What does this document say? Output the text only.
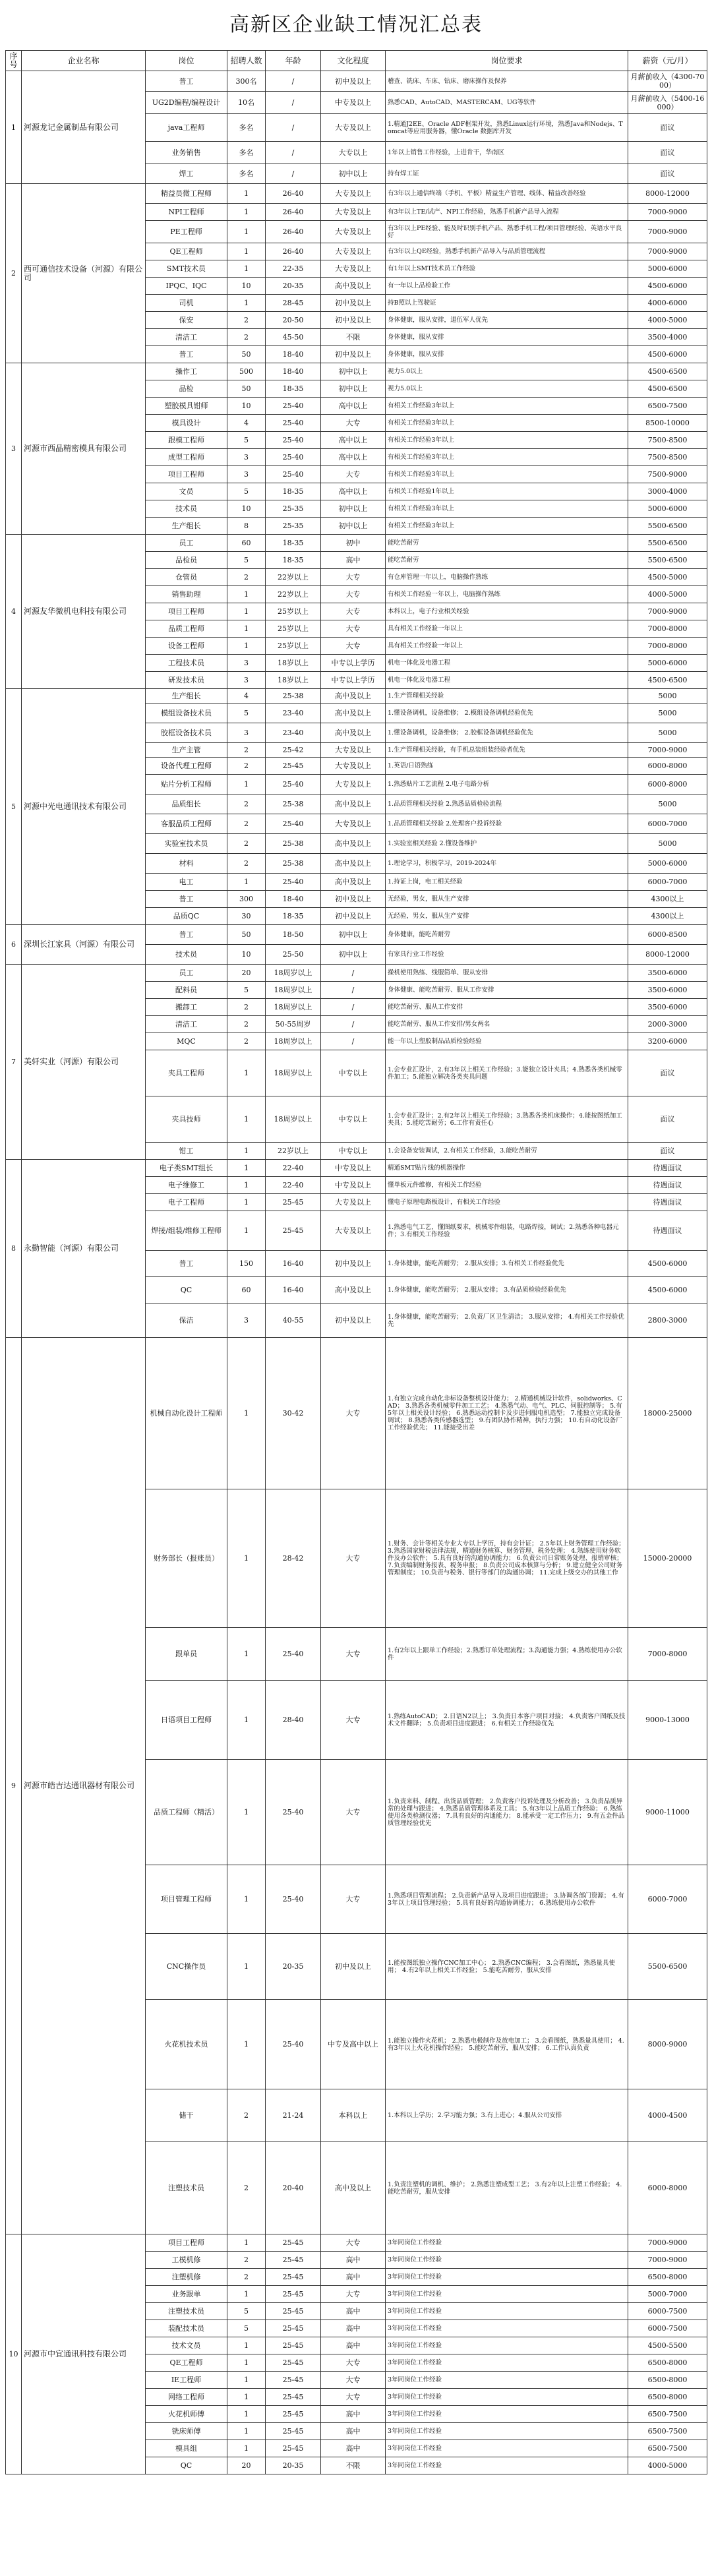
高新区企业缺工情况汇总表
序号	企业名称	岗位	招聘人数	年龄	文化程度	岗位要求	薪资（元/月）
1	河源龙记金属制品有限公司	普工	300名	/	初中及以上	稽查、铣床、车床、钻床、磨床操作及保养	月薪前收入（4300-7000）
		UG2D编程/编程设计	10名	/	中专及以上	熟悉CAD、AutoCAD、MASTERCAM、UG等软件	月薪前收入（5400-16000）
		java工程师	多名	/	大专及以上	1.精通J2EE、Oracle ADF框架开发，熟悉Linux运行环境，熟悉Java和Nodejs、Tomcat等应用服务器，懂Oracle 数据库开发	面议
		业务销售	多名	/	大专以上	1年以上销售工作经验，上进肯干，华南区	面议
		焊工	多名	/	初中以上	持有焊工证	面议
2	西可通信技术设备（河源）有限公司	精益员微工程师	1	26-40	大专及以上	有3年以上通信终端（手机、平板）精益生产管理、线体、精益改善经验	8000-12000
		NPI工程师	1	26-40	大专及以上	有3年以上TE/试产、NPI工作经验，熟悉手机新产品导入流程	7000-9000
		PE工程师	1	26-40	大专及以上	有3年以上PE经验、能及时识别手机产品、熟悉手机工程/项目管理经验、英语水平良好	7000-9000
		QE工程师	1	26-40	大专及以上	有3年以上QE经验，熟悉手机新产品导入与品质管理流程	7000-9000
		SMT技术员	1	22-35	大专及以上	有1年以上SMT技术员工作经验	5000-6000
		IPQC、IQC	10	20-35	高中及以上	有一年以上品检验工作	4500-6000
		司机	1	28-45	初中及以上	持B照以上驾驶证	4000-6000
		保安	2	20-50	初中及以上	身体健康，服从安排，退伍军人优先	4000-5000
		清洁工	2	45-50	不限	身体健康，服从安排	3500-4000
		普工	50	18-40	初中及以上	身体健康，服从安排	4500-6000
3	河源市西晶精密模具有限公司	操作工	500	18-40	初中以上	视力5.0以上	4500-6500
		品检	50	18-35	初中以上	视力5.0以上	4500-6500
		塑胶模具钳师	10	25-40	高中以上	有相关工作经验3年以上	6500-7500
		模具设计	4	25-40	大专	有相关工作经验3年以上	8500-10000
		跟模工程师	5	25-40	高中以上	有相关工作经验3年以上	7500-8500
		成型工程师	3	25-40	高中以上	有相关工作经验3年以上	7500-8500
		项目工程师	3	25-40	大专	有相关工作经验3年以上	7500-9000
		文员	5	18-35	高中以上	有相关工作经验1年以上	3000-4000
		技术员	10	25-35	初中以上	有相关工作经验3年以上	5000-6000
		生产组长	8	25-35	初中以上	有相关工作经验3年以上	5500-6500
4	河源友华微机电科技有限公司	员工	60	18-35	初中	能吃苦耐劳	5500-6500
		品检员	5	18-35	高中	能吃苦耐劳	5500-6500
		仓管员	2	22岁以上	大专	有仓库管理一年以上，电脑操作熟练	4500-5000
		销售助理	1	22岁以上	大专	有相关工作经验一年以上，电脑操作熟练	4000-5000
		项目工程师	1	25岁以上	大专	本科以上，电子行业相关经验	7000-9000
		品质工程师	1	25岁以上	大专	具有相关工作经验一年以上	7000-8000
		设备工程师	1	25岁以上	大专	具有相关工作经验一年以上	7000-8000
		工程技术员	3	18岁以上	中专以上学历	机电一体化及电器工程	5000-6000
		研发技术员	3	18岁以上	中专以上学历	机电一体化及电器工程	4500-6500
5	河源中光电通讯技术有限公司	生产组长	4	25-38	高中及以上	1.生产管理相关经验	5000
		模组设备技术员	5	23-40	高中及以上	1.懂设备调机，设备维修； 2.模组设备调机经验优先	5000
		胶框设备技术员	3	23-40	高中及以上	1.懂设备调机，设备维修； 2.胶框设备调机经验优先	5000
		生产主管	2	25-42	大专及以上	1.生产管理相关经验，有手机总装组装经验者优先	7000-9000
		设备代理工程师	2	25-45	大专及以上	1.英语/日语熟练	6000-8000
		贴片分析工程师	1	25-40	大专及以上	1.熟悉贴片工艺流程 2.电子电路分析	6000-8000
		品质组长	2	25-38	高中及以上	1.品质管理相关经验 2.熟悉品质检验流程	5000
		客服品质工程师	2	25-40	大专及以上	1.品质管理相关经验 2.处理客户投诉经验	6000-7000
		实验室技术员	2	25-38	高中及以上	1.实验室相关经验 2.懂设备维护	5000
		材料	2	25-38	高中及以上	1.理论学习，积极学习，2019-2024年	5000-6000
		电工	1	25-40	高中及以上	1.持证上岗，电工相关经验	6000-7000
		普工	300	18-40	初中及以上	无经验，男女，服从生产安排	4300以上
		品质QC	30	18-35	初中及以上	无经验，男女，服从生产安排	4300以上
6	深圳长江家具（河源）有限公司	普工	50	18-50	初中以上	身体健康，能吃苦耐劳	6000-8500
		技术员	10	25-50	初中以上	有家具行业工作经验	8000-12000
7	美轩实业（河源）有限公司	员工	20	18周岁以上	/	操机使用熟练、线服简单、服从安排	3500-6000
		配料员	5	18周岁以上	/	身体健康、能吃苦耐劳、服从工作安排	3500-6000
		搬卸工	2	18周岁以上	/	能吃苦耐劳、服从工作安排	3500-6000
		清洁工	2	50-55周岁	/	能吃苦耐劳、服从工作安排/男女两名	2000-3000
		MQC	2	18周岁以上	/	能一年以上塑胶制品品质检验经验	3200-6000
		夹具工程师	1	18周岁以上	中专以上	1.会专业汇设计，2.有3年以上相关工作经验；3.能独立设计夹具；4.熟悉各类机械零件加工；5.能独立解决各类夹具问题	面议
		夹具技师	1	18周岁以上	中专以上	1.会专业汇设计；2.有2年以上相关工作经验；3.熟悉各类机床操作；4.能按图纸加工夹具；5.能吃苦耐劳；6.工作有责任心	面议
		钳工	1	22岁以上	中专以上	1.会设备安装调试，2.有相关工作经验，3.能吃苦耐劳	面议
8	永勤智能（河源）有限公司	电子类SMT组长	1	22-40	中专及以上	精通SMT贴片线的机器操作	待遇面议
		电子维修工	1	22-40	中专及以上	懂单板元件维修，有相关工作经验	待遇面议
		电子工程师	1	25-45	大专及以上	懂电子原理电路板设计，有相关工作经验	待遇面议
		焊接/组装/维修工程师	1	25-45	大专及以上	1.熟悉电气工艺，懂图纸要求，机械零件组装，电路焊接，调试；2.熟悉各种电器元件；3.有相关工作经验	待遇面议
		普工	150	16-40	初中及以上	1.身体健康，能吃苦耐劳； 2.服从安排；3.有相关工作经验优先	4500-6000
		QC	60	16-40	高中及以上	1.身体健康，能吃苦耐劳； 2.服从安排； 3.有品质检验经验优先	4500-6000
		保洁	3	40-55	初中及以上	1.身体健康，能吃苦耐劳； 2.负责厂区卫生清洁； 3.服从安排； 4.有相关工作经验优先	2800-3000
9	河源市皓吉达通讯器材有限公司	机械自动化设计工程师	1	30-42	大专	1.有独立完成自动化非标设备整机设计能力； 2.精通机械设计软件，solidworks、CAD； 3.熟悉各类机械零件加工工艺； 4.熟悉气动、电气、PLC、伺服控制等； 5.有5年以上相关设计经验； 6.熟悉运动控制卡及步进伺服电机选型； 7.能独立完成设备调试； 8.熟悉各类传感器选型； 9.有团队协作精神，执行力强； 10.有自动化设备厂工作经验优先； 11.能接受出差	18000-25000
		财务部长（报账员）	1	28-42	大专	1.财务、会计等相关专业大专以上学历，持有会计证； 2.5年以上财务管理工作经验； 3.熟悉国家财税法律法规，精通财务核算、财务管理、税务处理； 4.熟练使用财务软件及办公软件； 5.具有良好的沟通协调能力； 6.负责公司日常账务处理、报销审核； 7.负责编制财务报表、税务申报； 8.负责公司成本核算与分析； 9.建立健全公司财务管理制度； 10.负责与税务、银行等部门的沟通协调； 11.完成上级交办的其他工作	15000-20000
		跟单员	1	25-40	大专	1.有2年以上跟单工作经验；2.熟悉订单处理流程；3.沟通能力强；4.熟练使用办公软件	7000-8000
		日语项目工程师	1	28-40	大专	1.熟练AutoCAD； 2.日语N2以上； 3.负责日本客户项目对接； 4.负责客户图纸及技术文件翻译； 5.负责项目进度跟进； 6.有相关工作经验优先	9000-13000
		品质工程师（精活）	1	25-40	大专	1.负责来料、制程、出货品质管理； 2.负责客户投诉处理及分析改善； 3.负责品质异常的处理与跟进； 4.熟悉品质管理体系及工具； 5.有3年以上品质工作经验； 6.熟练使用各类检测仪器； 7.具有良好的沟通能力； 8.能承受一定工作压力； 9.有五金件品质管理经验优先	9000-11000
		项目管理工程师	1	25-40	大专	1.熟悉项目管理流程； 2.负责新产品导入及项目进度跟进； 3.协调各部门资源； 4.有3年以上项目管理经验； 5.具有良好的沟通协调能力； 6.熟练使用办公软件	6000-7000
		CNC操作员	1	20-35	初中及以上	1.能按图纸独立操作CNC加工中心； 2.熟悉CNC编程； 3.会看图纸，熟悉量具使用； 4.有2年以上相关工作经验； 5.能吃苦耐劳，服从安排	5500-6500
		火花机技术员	1	25-40	中专及高中以上	1.能独立操作火花机； 2.熟悉电极制作及放电加工； 3.会看图纸，熟悉量具使用； 4.有3年以上火花机操作经验； 5.能吃苦耐劳，服从安排； 6.工作认真负责	8000-9000
		储干	2	21-24	本科以上	1.本科以上学历；2.学习能力强；3.有上进心；4.服从公司安排	4000-4500
		注塑技术员	2	20-40	高中及以上	1.负责注塑机的调机、维护； 2.熟悉注塑成型工艺； 3.有2年以上注塑工作经验； 4.能吃苦耐劳，服从安排	6000-8000
10	河源市中宜通讯科技有限公司	项目工程师	1	25-45	大专	3年同岗位工作经验	7000-9000
		工模机修	2	25-45	高中	3年同岗位工作经验	7000-9000
		注塑机修	2	25-45	高中	3年同岗位工作经验	6500-8000
		业务跟单	1	25-45	大专	3年同岗位工作经验	5000-7000
		注塑技术员	5	25-45	高中	3年同岗位工作经验	6000-7500
		装配技术员	5	25-45	高中	3年同岗位工作经验	6000-7500
		技术文员	1	25-45	高中	3年同岗位工作经验	4500-5500
		QE工程师	1	25-45	大专	3年同岗位工作经验	6500-8000
		IE工程师	1	25-45	大专	3年同岗位工作经验	6500-8000
		网络工程师	1	25-45	大专	3年同岗位工作经验	6500-8000
		火花机师傅	1	25-45	高中	3年同岗位工作经验	6500-7500
		铣床师傅	1	25-45	高中	3年同岗位工作经验	6500-7500
		模具组	1	25-45	高中	3年同岗位工作经验	6500-7500
		QC	20	20-35	不限	3年同岗位工作经验	4000-5000
